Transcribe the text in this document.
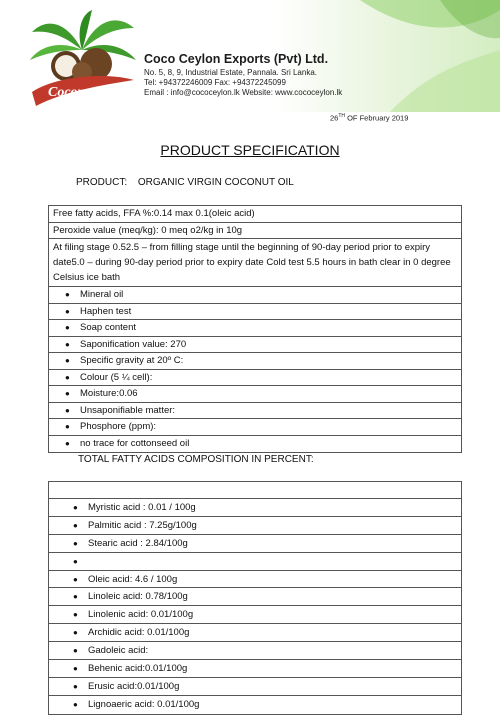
Cocoma

Coco Ceylon Exports (Pvt) Ltd.

No. 5, 8, 9, Industrial Estate, Pannala. Sri Lanka.

Tel: +94372246009 Fax: +94372245099

Email : info@cococeylon.lk Website: www.cococeylon.lk

26TH OF February 2019
PRODUCT SPECIFICATION
PRODUCT: ORGANIC VIRGIN COCONUT OIL
Free fatty acids, FFA %:0.14 max 0.1(oleic acid)
Peroxide value (meq/kg): 0 meq o2/kg in 10g
At filing stage 0.52.5 – from filling stage until the beginning of 90-day period prior to expiry date5.0 – during 90-day period prior to expiry date Cold test 5.5 hours in bath clear in 0 degree Celsius ice bath
● Mineral oil
● Haphen test
● Soap content
● Saponification value: 270
● Specific gravity at 20º C:
● Colour (5 ¼ cell):
● Moisture:0.06
● Unsaponifiable matter:
● Phosphore (ppm):
● no trace for cottonseed oil
TOTAL FATTY ACIDS COMPOSITION IN PERCENT:
● Myristic acid : 0.01 / 100g
● Palmitic acid : 7.25g/100g
● Stearic acid : 2.84/100g
●
● Oleic acid: 4.6 / 100g
● Linoleic acid: 0.78/100g
● Linolenic acid: 0.01/100g
● Archidic acid: 0.01/100g
● Gadoleic acid:
● Behenic acid:0.01/100g
● Erusic acid:0.01/100g
● Lignoaeric acid: 0.01/100g
